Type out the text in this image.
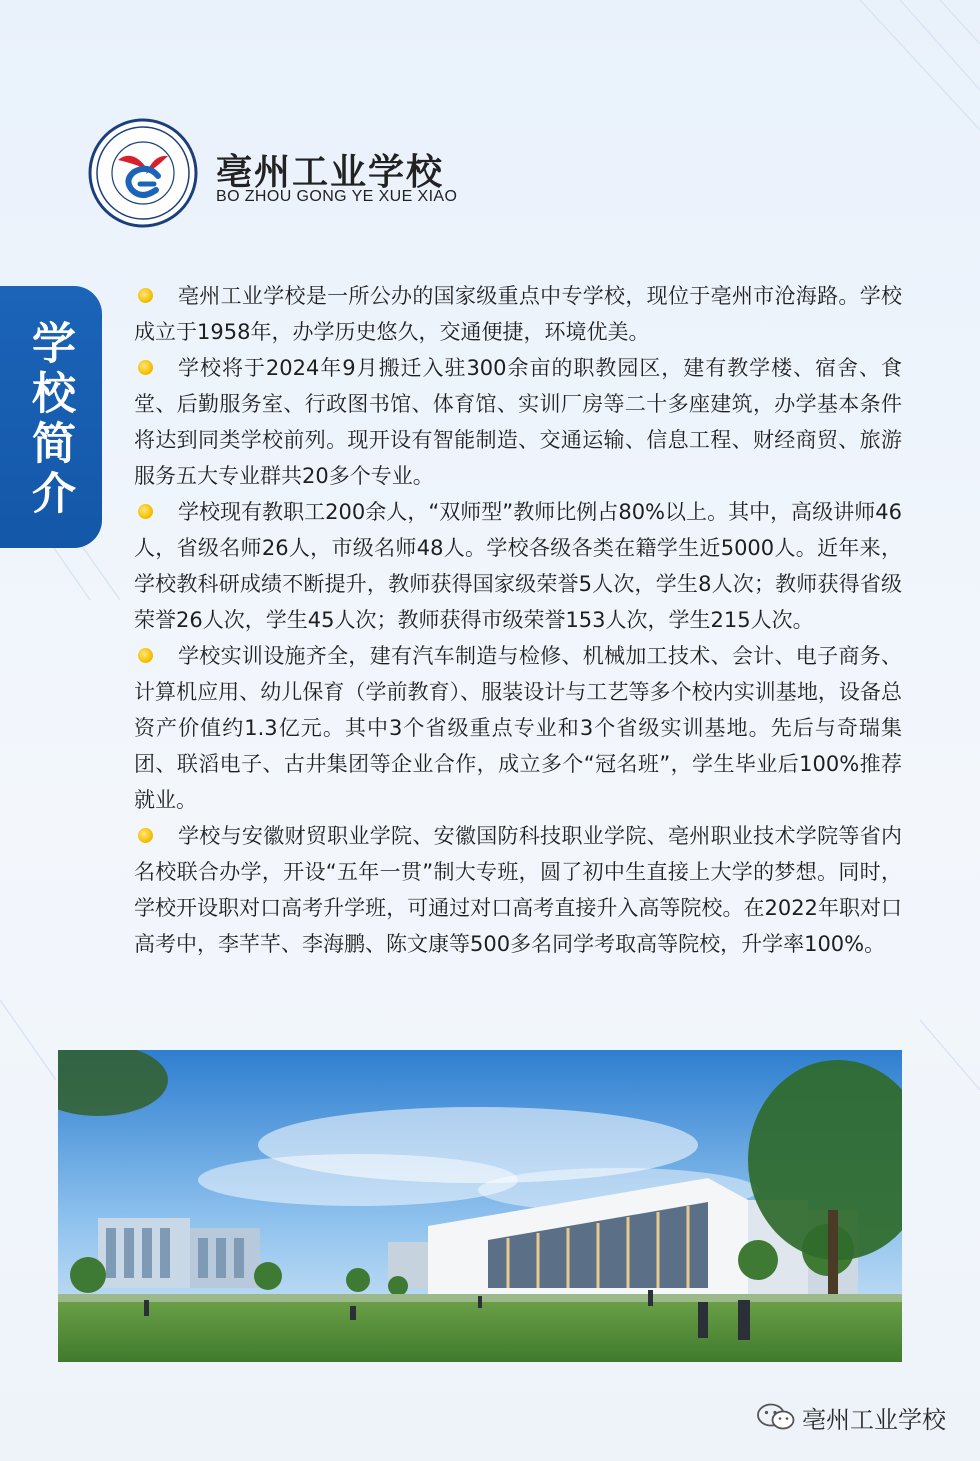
亳州工业学校
BO ZHOU GONG YE XUE XIAO
学校简介

亳州工业学校是一所公办的国家级重点中专学校，现位于亳州市沧海路。学校成立于1958年，办学历史悠久，交通便捷，环境优美。

学校将于2024年9月搬迁入驻300余亩的职教园区，建有教学楼、宿舍、食堂、后勤服务室、行政图书馆、体育馆、实训厂房等二十多座建筑，办学基本条件将达到同类学校前列。现开设有智能制造、交通运输、信息工程、财经商贸、旅游服务五大专业群共20多个专业。

学校现有教职工200余人，“双师型”教师比例占80%以上。其中，高级讲师46人，省级名师26人，市级名师48人。学校各级各类在籍学生近5000人。近年来，学校教科研成绩不断提升，教师获得国家级荣誉5人次，学生8人次；教师获得省级荣誉26人次，学生45人次；教师获得市级荣誉153人次，学生215人次。

学校实训设施齐全，建有汽车制造与检修、机械加工技术、会计、电子商务、计算机应用、幼儿保育（学前教育）、服装设计与工艺等多个校内实训基地，设备总资产价值约1.3亿元。其中3个省级重点专业和3个省级实训基地。先后与奇瑞集团、联滔电子、古井集团等企业合作，成立多个“冠名班”，学生毕业后100%推荐就业。

学校与安徽财贸职业学院、安徽国防科技职业学院、亳州职业技术学院等省内名校联合办学，开设“五年一贯”制大专班，圆了初中生直接上大学的梦想。同时，学校开设职对口高考升学班，可通过对口高考直接升入高等院校。在2022年职对口高考中，李芊芊、李海鹏、陈文康等500多名同学考取高等院校，升学率100%。

亳州工业学校
